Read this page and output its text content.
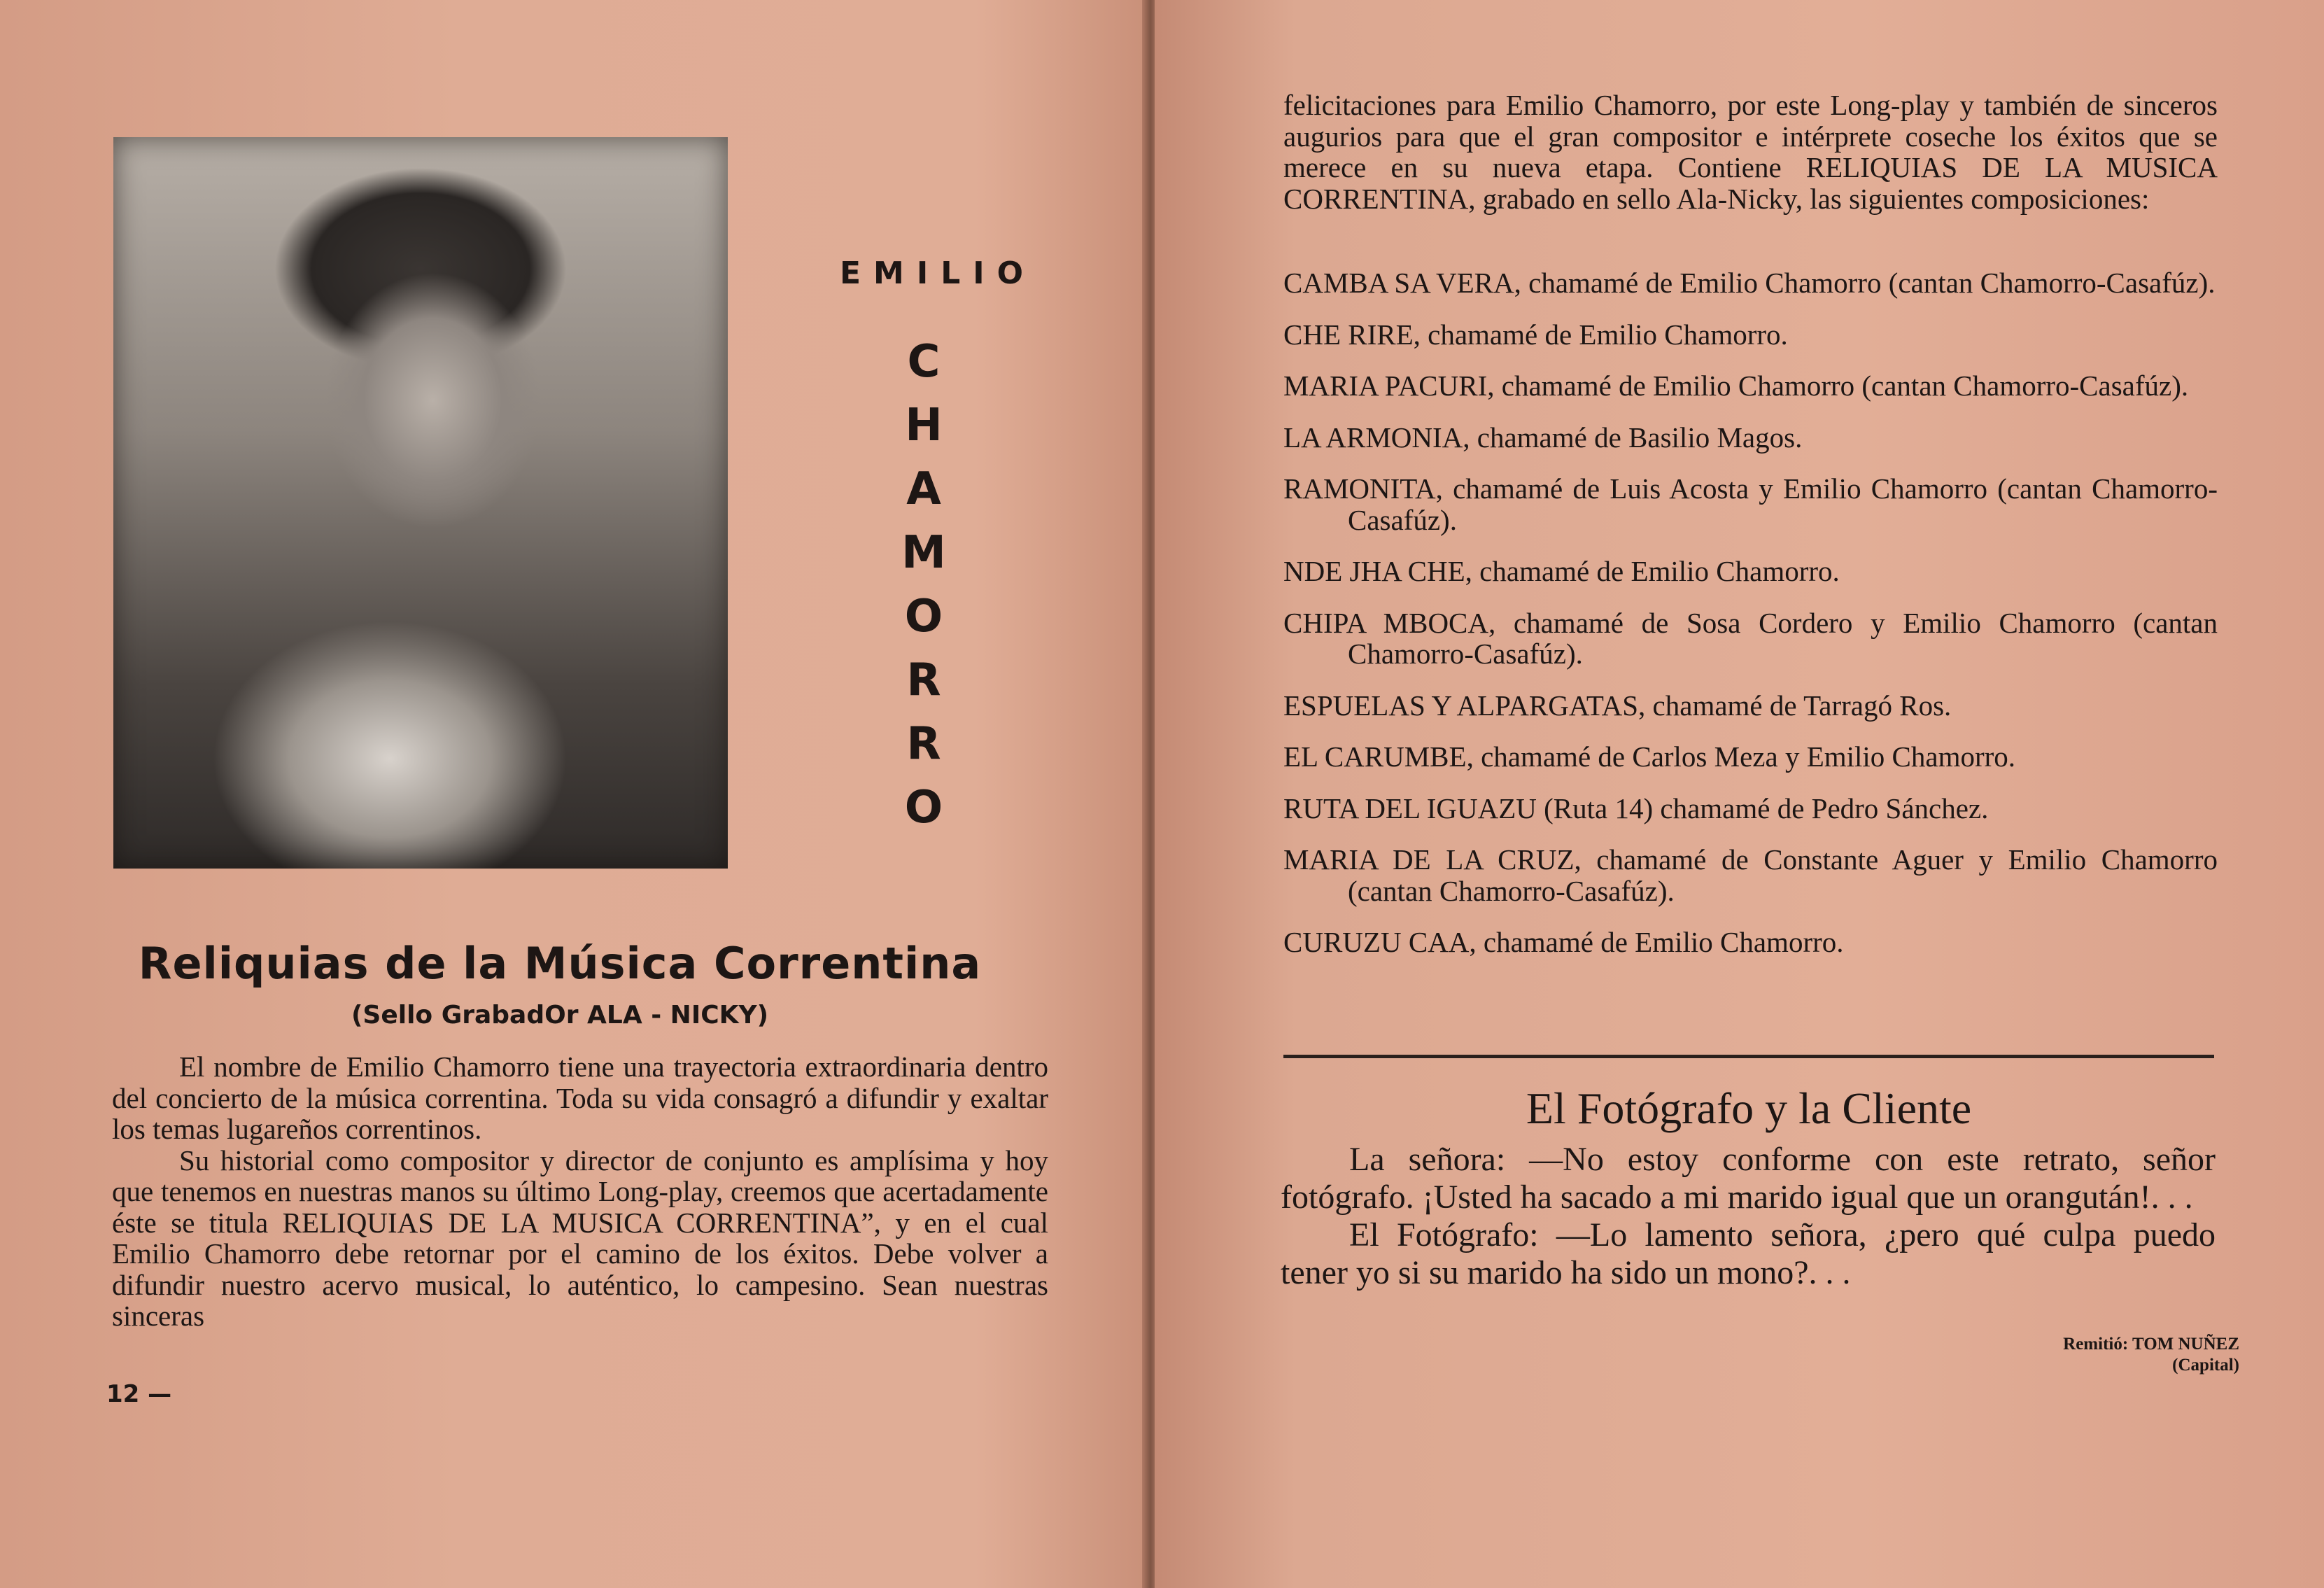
EMILIO
C
H
A
M
O
R
R
O
Reliquias de la Música Correntina
(Sello GrabadOr ALA - NICKY)

El nombre de Emilio Chamorro tiene una trayectoria extraordinaria dentro del concierto de la música correntina. Toda su vida consagró a difundir y exaltar los temas lugareños correntinos.

Su historial como compositor y director de conjunto es amplísima y hoy que tenemos en nuestras manos su último Long-play, creemos que acertadamente éste se titula RELIQUIAS DE LA MUSICA CORRENTINA”, y en el cual Emilio Chamorro debe retornar por el camino de los éxitos. Debe volver a difundir nuestro acervo musical, lo auténtico, lo campesino. Sean nuestras sinceras

12 —

felicitaciones para Emilio Chamorro, por este Long-play y también de sinceros augurios para que el gran compositor e intérprete coseche los éxitos que se merece en su nueva etapa. Contiene RELIQUIAS DE LA MUSICA CORRENTINA, grabado en sello Ala-Nicky, las siguientes composiciones:

CAMBA SA VERA, chamamé de Emilio Chamorro (cantan Chamorro-Casafúz).
CHE RIRE, chamamé de Emilio Chamorro.
MARIA PACURI, chamamé de Emilio Chamorro (cantan Chamorro-Casafúz).
LA ARMONIA, chamamé de Basilio Magos.
RAMONITA, chamamé de Luis Acosta y Emilio Chamorro (cantan Chamorro-Casafúz).
NDE JHA CHE, chamamé de Emilio Chamorro.
CHIPA MBOCA, chamamé de Sosa Cordero y Emilio Chamorro (cantan Chamorro-Casafúz).
ESPUELAS Y ALPARGATAS, chamamé de Tarragó Ros.
EL CARUMBE, chamamé de Carlos Meza y Emilio Chamorro.
RUTA DEL IGUAZU (Ruta 14) chamamé de Pedro Sánchez.
MARIA DE LA CRUZ, chamamé de Constante Aguer y Emilio Chamorro (cantan Chamorro-Casafúz).
CURUZU CAA, chamamé de Emilio Chamorro.
El Fotógrafo y la Cliente

La señora: —No estoy conforme con este retrato, señor fotógrafo. ¡Usted ha sacado a mi marido igual que un orangután!. . .

El Fotógrafo: —Lo lamento señora, ¿pero qué culpa puedo tener yo si su marido ha sido un mono?. . .

Remitió: TOM NUÑEZ
(Capital)
